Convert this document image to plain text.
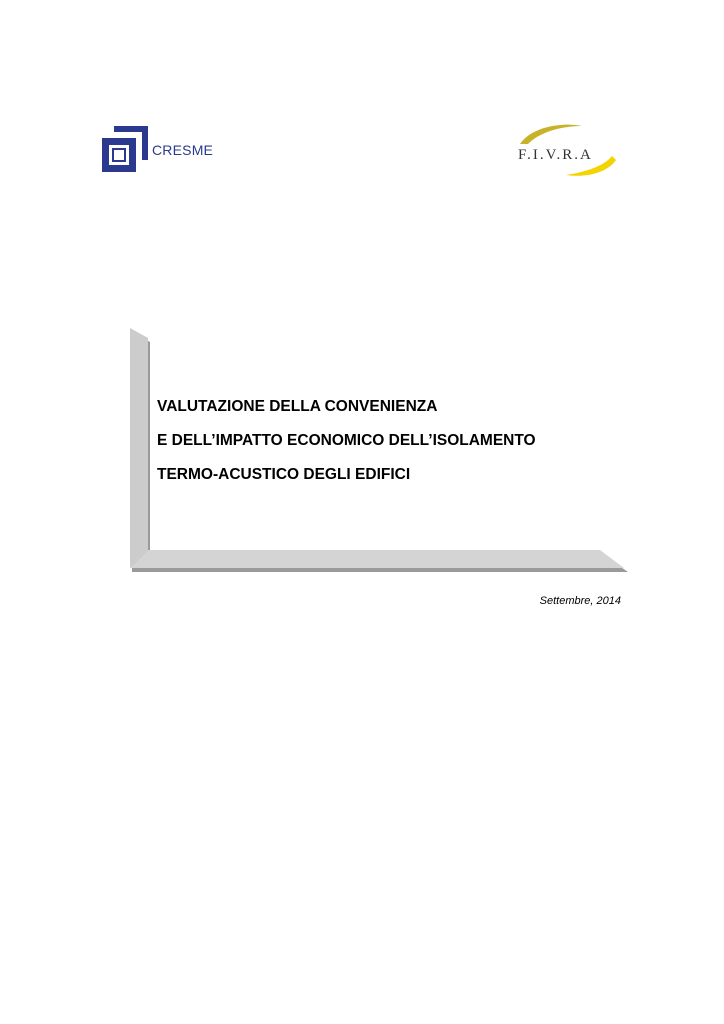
CRESME	F.I.V.R.A

VALUTAZIONE DELLA CONVENIENZA

E DELL’IMPATTO ECONOMICO DELL’ISOLAMENTO

TERMO-ACUSTICO DEGLI EDIFICI

Settembre, 2014
